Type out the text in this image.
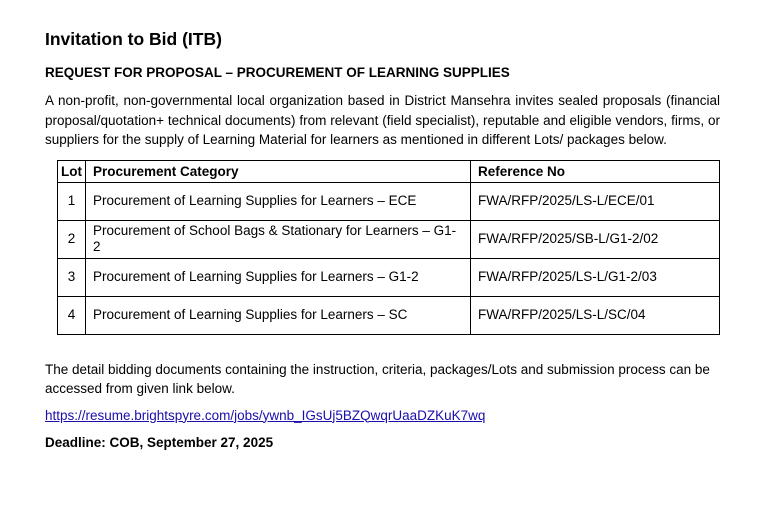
Invitation to Bid (ITB)
REQUEST FOR PROPOSAL – PROCUREMENT OF LEARNING SUPPLIES

A non-profit, non-governmental local organization based in District Mansehra invites sealed proposals (financial proposal/quotation+ technical documents) from relevant (field specialist), reputable and eligible vendors, firms, or suppliers for the supply of Learning Material for learners as mentioned in different Lots/ packages below.

Lot	Procurement Category	Reference No
1	Procurement of Learning Supplies for Learners – ECE	FWA/RFP/2025/LS-L/ECE/01
2	Procurement of School Bags & Stationary for Learners – G1-2	FWA/RFP/2025/SB-L/G1-2/02
3	Procurement of Learning Supplies for Learners – G1-2	FWA/RFP/2025/LS-L/G1-2/03
4	Procurement of Learning Supplies for Learners – SC	FWA/RFP/2025/LS-L/SC/04

The detail bidding documents containing the instruction, criteria, packages/Lots and submission process can be accessed from given link below.

https://resume.brightspyre.com/jobs/ywnb_IGsUj5BZQwqrUaaDZKuK7wq

Deadline: COB, September 27, 2025
